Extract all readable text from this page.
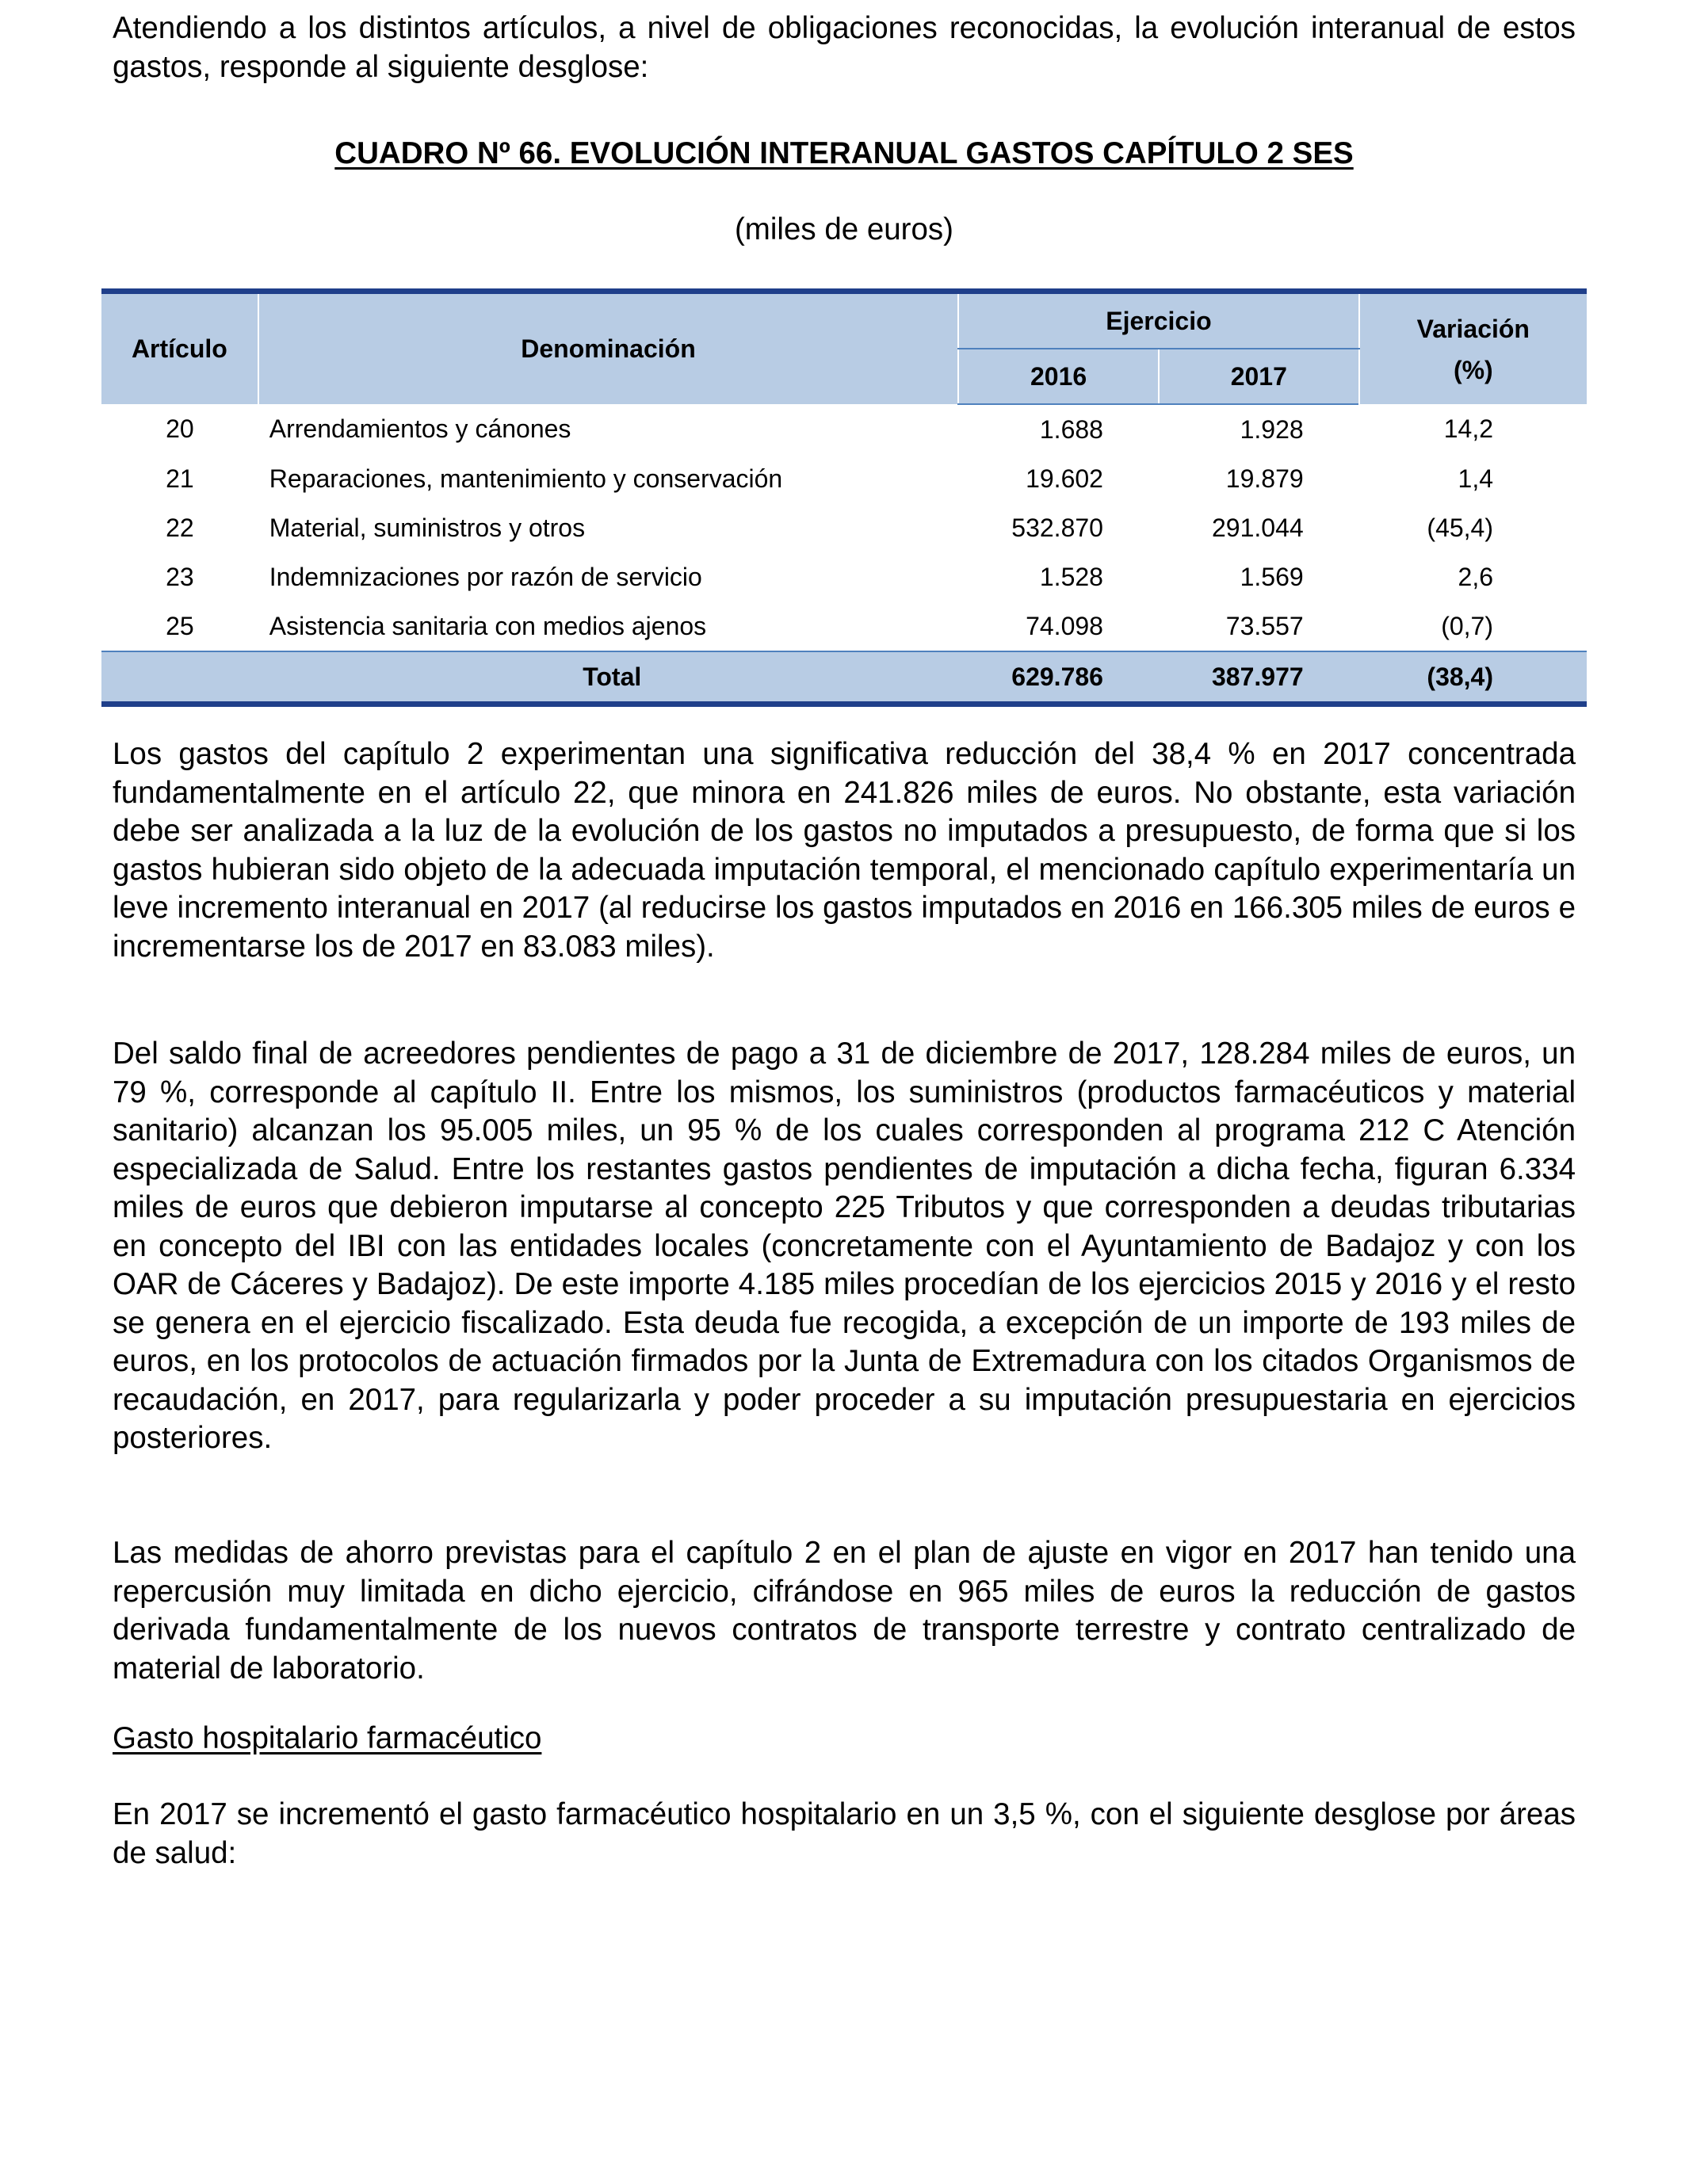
Atendiendo a los distintos artículos, a nivel de obligaciones reconocidas, la evolución interanual de estos gastos, responde al siguiente desglose:

CUADRO Nº 66. EVOLUCIÓN INTERANUAL GASTOS CAPÍTULO 2 SES
(miles de euros)
Artículo	Denominación	Ejercicio		Variación
(%)
		2016	2017	
20	Arrendamientos y cánones	1.688	1.928	14,2
21	Reparaciones, mantenimiento y conservación	19.602	19.879	1,4
22	Material, suministros y otros	532.870	291.044	(45,4)
23	Indemnizaciones por razón de servicio	1.528	1.569	2,6
25	Asistencia sanitaria con medios ajenos	74.098	73.557	(0,7)
Total		629.786	387.977	(38,4)

Los gastos del capítulo 2 experimentan una significativa reducción del 38,4 % en 2017 concentrada fundamentalmente en el artículo 22, que minora en 241.826 miles de euros. No obstante, esta variación debe ser analizada a la luz de la evolución de los gastos no imputados a presupuesto, de forma que si los gastos hubieran sido objeto de la adecuada imputación temporal, el mencionado capítulo experimentaría un leve incremento interanual en 2017 (al reducirse los gastos imputados en 2016 en 166.305 miles de euros e incrementarse los de 2017 en 83.083 miles).

Del saldo final de acreedores pendientes de pago a 31 de diciembre de 2017, 128.284 miles de euros, un 79 %, corresponde al capítulo II. Entre los mismos, los suministros (productos farmacéuticos y material sanitario) alcanzan los 95.005 miles, un 95 % de los cuales corresponden al programa 212 C Atención especializada de Salud. Entre los restantes gastos pendientes de imputación a dicha fecha, figuran 6.334 miles de euros que debieron imputarse al concepto 225 Tributos y que corresponden a deudas tributarias en concepto del IBI con las entidades locales (concretamente con el Ayuntamiento de Badajoz y con los OAR de Cáceres y Badajoz). De este importe 4.185 miles procedían de los ejercicios 2015 y 2016 y el resto se genera en el ejercicio fiscalizado. Esta deuda fue recogida, a excepción de un importe de 193 miles de euros, en los protocolos de actuación firmados por la Junta de Extremadura con los citados Organismos de recaudación, en 2017, para regularizarla y poder proceder a su imputación presupuestaria en ejercicios posteriores.

Las medidas de ahorro previstas para el capítulo 2 en el plan de ajuste en vigor en 2017 han tenido una repercusión muy limitada en dicho ejercicio, cifrándose en 965 miles de euros la reducción de gastos derivada fundamentalmente de los nuevos contratos de transporte terrestre y contrato centralizado de material de laboratorio.

Gasto hospitalario farmacéutico

En 2017 se incrementó el gasto farmacéutico hospitalario en un 3,5 %, con el siguiente desglose por áreas de salud:
